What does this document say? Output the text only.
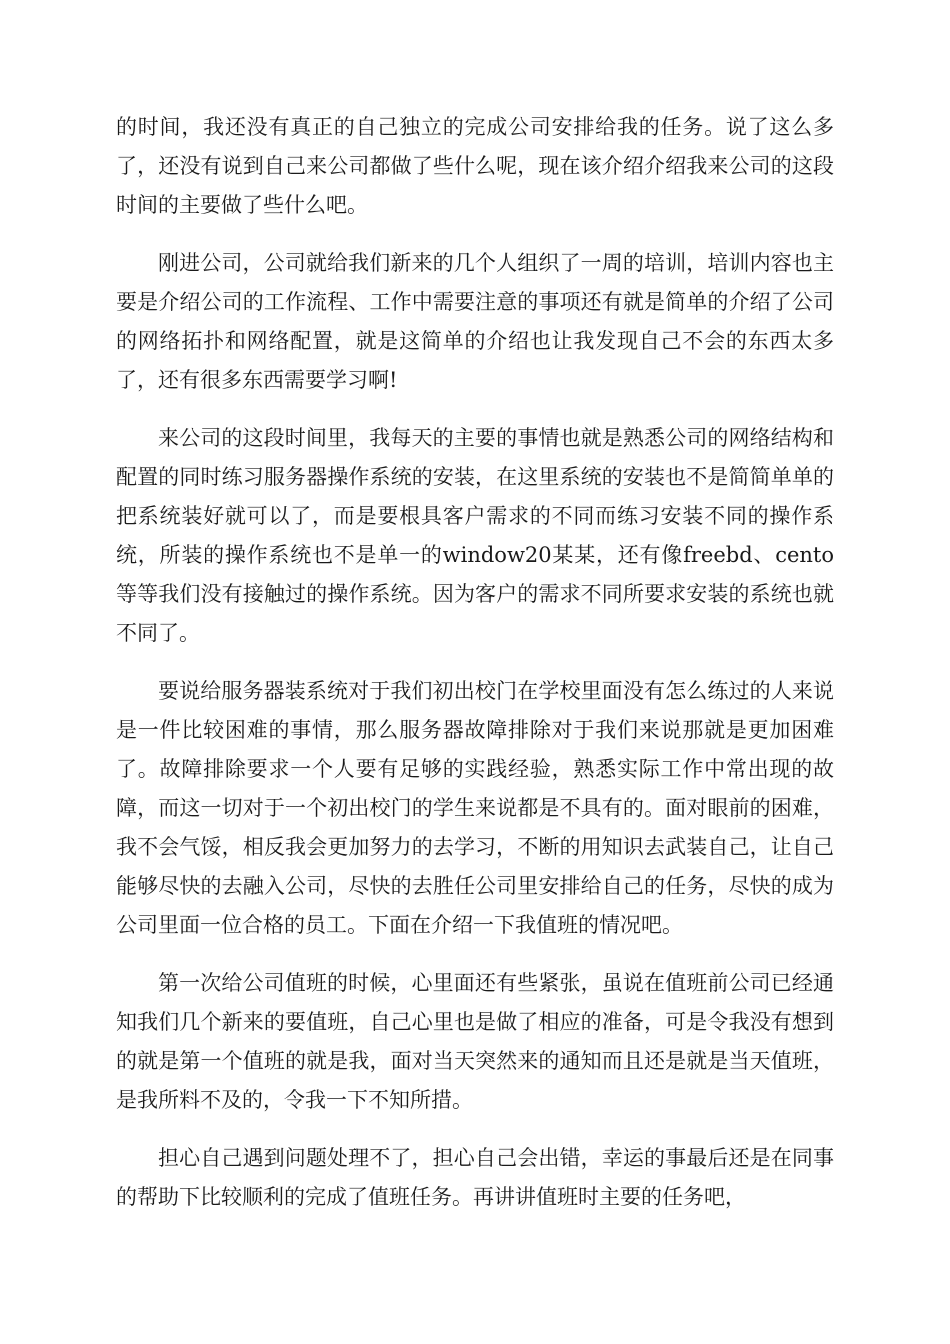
的时间，我还没有真正的自己独立的完成公司安排给我的任务。说了这么多了，还没有说到自己来公司都做了些什么呢，现在该介绍介绍我来公司的这段时间的主要做了些什么吧。

刚进公司，公司就给我们新来的几个人组织了一周的培训，培训内容也主要是介绍公司的工作流程、工作中需要注意的事项还有就是简单的介绍了公司的网络拓扑和网络配置，就是这简单的介绍也让我发现自己不会的东西太多了，还有很多东西需要学习啊!

来公司的这段时间里，我每天的主要的事情也就是熟悉公司的网络结构和配置的同时练习服务器操作系统的安装，在这里系统的安装也不是简简单单的把系统装好就可以了，而是要根具客户需求的不同而练习安装不同的操作系统，所装的操作系统也不是单一的window20某某，还有像freebd、cento等等我们没有接触过的操作系统。因为客户的需求不同所要求安装的系统也就不同了。

要说给服务器装系统对于我们初出校门在学校里面没有怎么练过的人来说是一件比较困难的事情，那么服务器故障排除对于我们来说那就是更加困难了。故障排除要求一个人要有足够的实践经验，熟悉实际工作中常出现的故障，而这一切对于一个初出校门的学生来说都是不具有的。面对眼前的困难，我不会气馁，相反我会更加努力的去学习，不断的用知识去武装自己，让自己能够尽快的去融入公司，尽快的去胜任公司里安排给自己的任务，尽快的成为公司里面一位合格的员工。下面在介绍一下我值班的情况吧。

第一次给公司值班的时候，心里面还有些紧张，虽说在值班前公司已经通知我们几个新来的要值班，自己心里也是做了相应的准备，可是令我没有想到的就是第一个值班的就是我，面对当天突然来的通知而且还是就是当天值班，是我所料不及的，令我一下不知所措。

担心自己遇到问题处理不了，担心自己会出错，幸运的事最后还是在同事的帮助下比较顺利的完成了值班任务。再讲讲值班时主要的任务吧，
